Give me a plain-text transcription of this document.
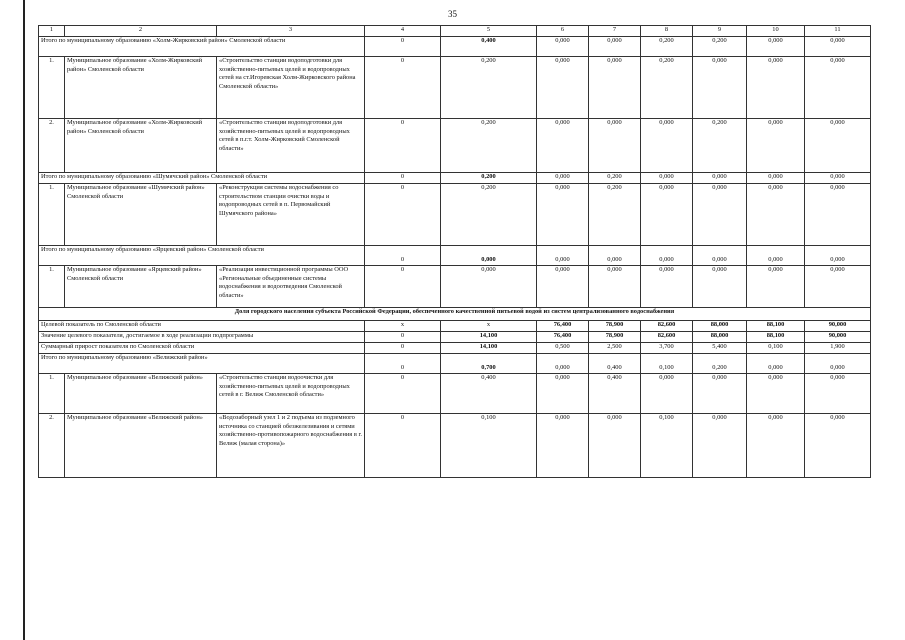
35
1	2	3	4	5	6	7	8	9	10	11
Итого по муниципальному образованию «Холм-Жирковский район» Смоленской области			0	0,400	0,000	0,000	0,200	0,200	0,000	0,000
1.	Муниципальное образование «Холм-Жирковский район» Смоленской области	«Строительство станции водоподготовки для хозяйственно-питьевых целей и водопроводных сетей на ст.Игоревская Холм-Жирковского района Смоленской области»	0	0,200	0,000	0,000	0,200	0,000	0,000	0,000
2.	Муниципальное образование «Холм-Жирковский район» Смоленской области	«Строительство станции водоподготовки для хозяйственно-питьевых целей и водопроводных сетей в п.г.т. Холм-Жирковский Смоленской области»	0	0,200	0,000	0,000	0,000	0,200	0,000	0,000
Итого по муниципальному образованию «Шумячский район» Смоленской области			0	0,200	0,000	0,200	0,000	0,000	0,000	0,000
1.	Муниципальное образование «Шумячский район» Смоленской области	«Реконструкция системы водоснабжения со строительством станции очистки воды и водопроводных сетей в п. Первомайский Шумячского района»	0	0,200	0,000	0,200	0,000	0,000	0,000	0,000
Итого по муниципальному образованию «Ярцевский район» Смоленской области			0	0,000	0,000	0,000	0,000	0,000	0,000	0,000
1.	Муниципальное образование «Ярцевский район» Смоленской области	«Реализация инвестиционной программы ООО «Региональные объединенные системы водоснабжения и водоотведения Смоленской области»	0	0,000	0,000	0,000	0,000	0,000	0,000	0,000
Доля городского населения субъекта Российской Федерации, обеспеченного качественной питьевой водой из систем централизованного водоснабжения										
Целевой показатель по Смоленской области			x	x	76,400	78,900	82,600	88,000	88,100	90,000
Значение целевого показателя, достигаемое в ходе реализации подпрограммы			0	14,100	76,400	78,900	82,600	88,000	88,100	90,000
Суммарный прирост показателя по Смоленской области			0	14,100	0,500	2,500	3,700	5,400	0,100	1,900
Итого по муниципальному образованию «Велижский район»			0	0,700	0,000	0,400	0,100	0,200	0,000	0,000
1.	Муниципальное образование «Велижский район»	«Строительство станции водоочистки для хозяйственно-питьевых целей и водопроводных сетей в г. Велиж Смоленской области»	0	0,400	0,000	0,400	0,000	0,000	0,000	0,000
2.	Муниципальное образование «Велижский район»	«Водозаборный узел 1 и 2 подъема из подземного источника со станцией обезжелезивания и сетями хозяйственно-противопожарного водоснабжения в г. Велиж (малая сторона)»	0	0,100	0,000	0,000	0,100	0,000	0,000	0,000
